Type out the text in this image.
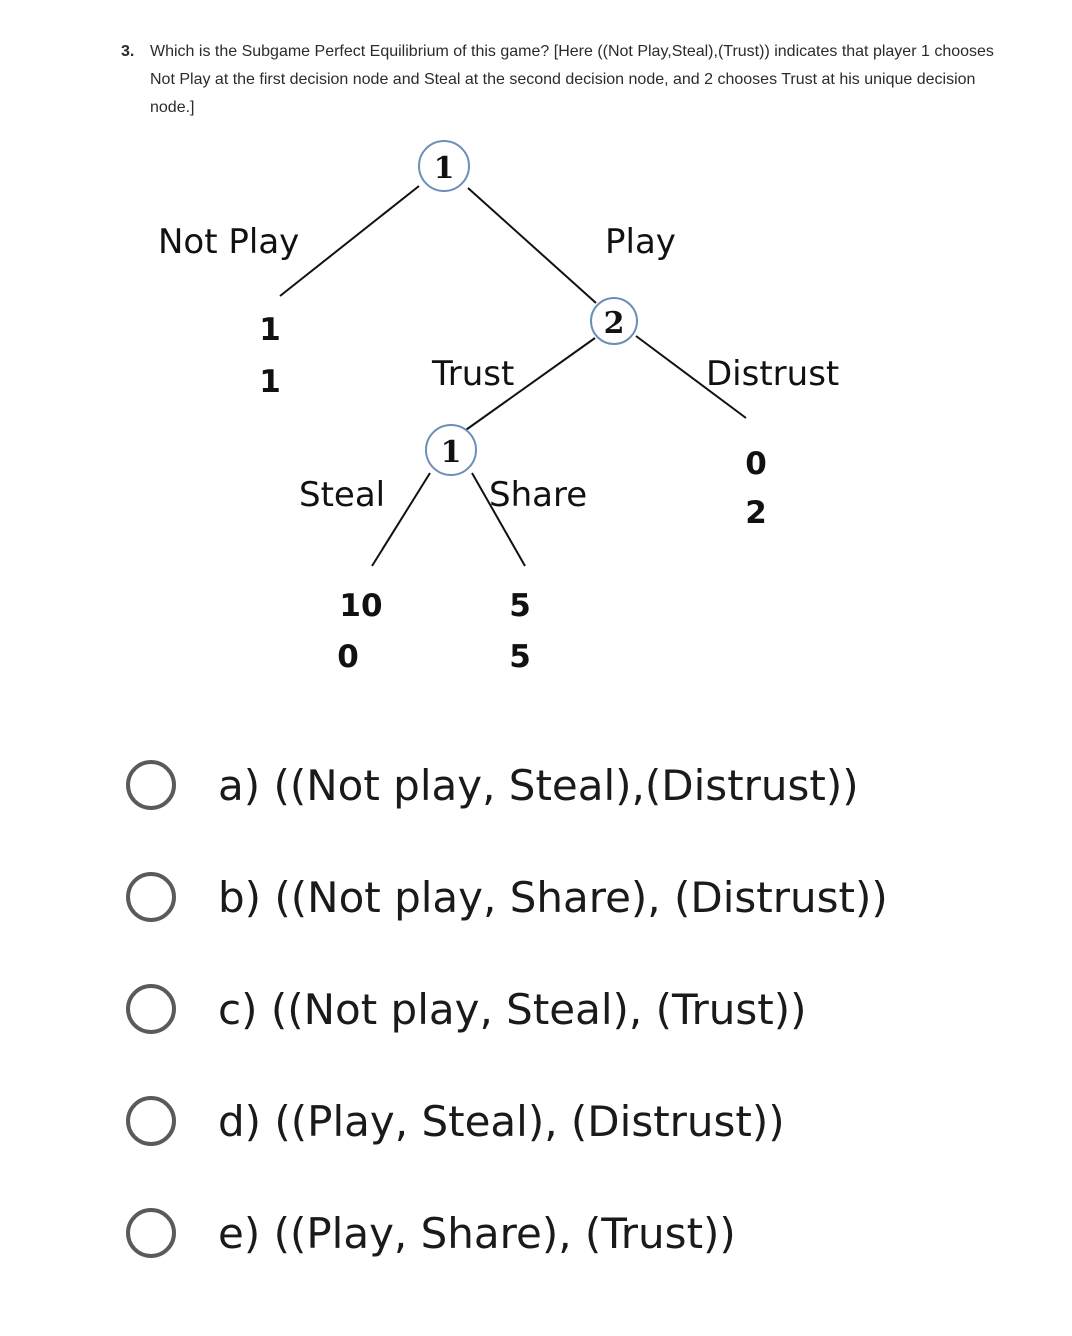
3. Which is the Subgame Perfect Equilibrium of this game? [Here ((Not Play,Steal),(Trust)) indicates that player 1 chooses Not Play at the first decision node and Steal at the second decision node, and 2 chooses Trust at his unique decision node.]
1
2
1
Not Play	Play
Trust	Distrust
Steal	Share
1
1
0
2
10
0
5
5
a) ((Not play, Steal),(Distrust))
b) ((Not play, Share), (Distrust))
c) ((Not play, Steal), (Trust))
d) ((Play, Steal), (Distrust))
e) ((Play, Share), (Trust))
